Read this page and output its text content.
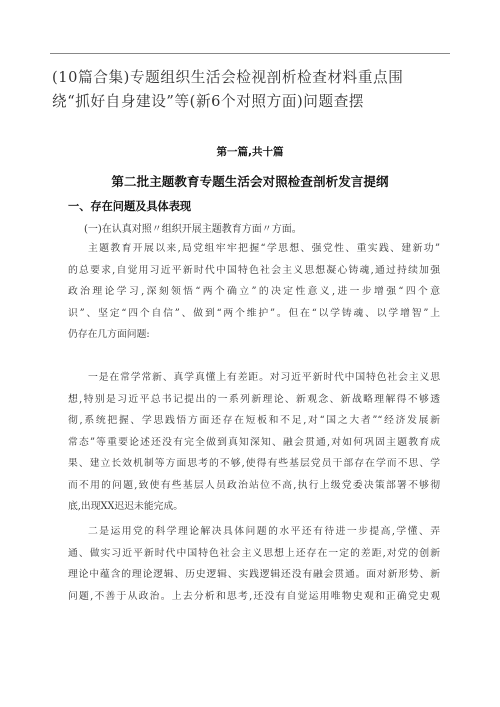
(10篇合集)专题组织生活会检视剖析检查材料重点围
绕“抓好自身建设”等(新6个对照方面)问题查摆
第一篇,共十篇
第二批主题教育专题生活会对照检查剖析发言提纲
一、存在问题及具体表现
(一)在认真对照〃组织开展主题教育方面〃方面。
主题教育开展以来,局党组牢牢把握“学思想、强党性、重实践、建新功”
的总要求,自觉用习近平新时代中国特色社会主义思想凝心铸魂,通过持续加强
政治理论学习,深刻领悟“两个确立”的决定性意义,进一步增强“四个意
识”、坚定“四个自信”、做到“两个维护”。但在“以学铸魂、以学增智”上
仍存在几方面问题:
一是在常学常新、真学真懂上有差距。对习近平新时代中国特色社会主义思
想,特别是习近平总书记提出的一系列新理论、新观念、新战略理解得不够透
彻,系统把握、学思践悟方面还存在短板和不足,对“国之大者”“经济发展新
常态”等重要论述还没有完全做到真知深知、融会贯通,对如何巩固主题教育成
果、建立长效机制等方面思考的不够,使得有些基层党员干部存在学而不思、学
而不用的问题,致使有些基层人员政治站位不高,执行上级党委决策部署不够彻
底,出现XX迟迟未能完成。
二是运用党的科学理论解决具体问题的水平还有待进一步提高,学懂、弄
通、做实习近平新时代中国特色社会主义思想上还存在一定的差距,对党的创新
理论中蕴含的理论逻辑、历史逻辑、实践逻辑还没有融会贯通。面对新形势、新
问题,不善于从政治。上去分析和思考,还没有自觉运用唯物史观和正确党史观
